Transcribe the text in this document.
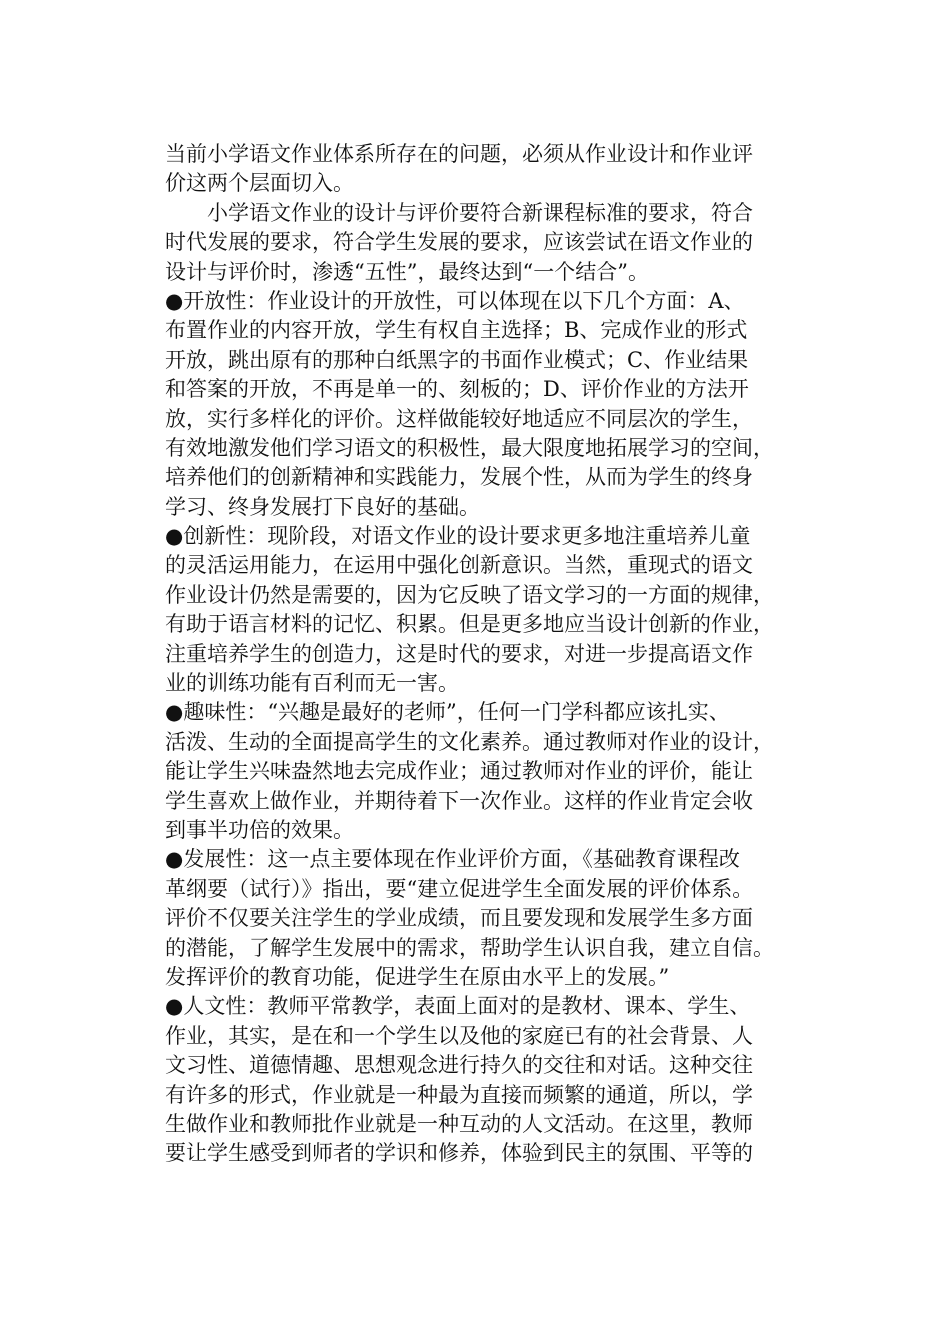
当前小学语文作业体系所存在的问题，必须从作业设计和作业评
价这两个层面切入。
　　小学语文作业的设计与评价要符合新课程标准的要求，符合
时代发展的要求，符合学生发展的要求，应该尝试在语文作业的
设计与评价时，渗透“五性”，最终达到“一个结合”。
●开放性：作业设计的开放性，可以体现在以下几个方面：A、
布置作业的内容开放，学生有权自主选择；B、完成作业的形式
开放，跳出原有的那种白纸黑字的书面作业模式；C、作业结果
和答案的开放，不再是单一的、刻板的；D、评价作业的方法开
放，实行多样化的评价。这样做能较好地适应不同层次的学生，
有效地激发他们学习语文的积极性，最大限度地拓展学习的空间，
培养他们的创新精神和实践能力，发展个性，从而为学生的终身
学习、终身发展打下良好的基础。
●创新性：现阶段，对语文作业的设计要求更多地注重培养儿童
的灵活运用能力，在运用中强化创新意识。当然，重现式的语文
作业设计仍然是需要的，因为它反映了语文学习的一方面的规律，
有助于语言材料的记忆、积累。但是更多地应当设计创新的作业，
注重培养学生的创造力，这是时代的要求，对进一步提高语文作
业的训练功能有百利而无一害。
●趣味性：“兴趣是最好的老师”，任何一门学科都应该扎实、
活泼、生动的全面提高学生的文化素养。通过教师对作业的设计，
能让学生兴味盎然地去完成作业；通过教师对作业的评价，能让
学生喜欢上做作业，并期待着下一次作业。这样的作业肯定会收
到事半功倍的效果。
●发展性：这一点主要体现在作业评价方面，《基础教育课程改
革纲要（试行）》指出，要“建立促进学生全面发展的评价体系。
评价不仅要关注学生的学业成绩，而且要发现和发展学生多方面
的潜能，了解学生发展中的需求，帮助学生认识自我，建立自信。
发挥评价的教育功能，促进学生在原由水平上的发展。”
●人文性：教师平常教学，表面上面对的是教材、课本、学生、
作业，其实，是在和一个学生以及他的家庭已有的社会背景、人
文习性、道德情趣、思想观念进行持久的交往和对话。这种交往
有许多的形式，作业就是一种最为直接而频繁的通道，所以，学
生做作业和教师批作业就是一种互动的人文活动。在这里，教师
要让学生感受到师者的学识和修养，体验到民主的氛围、平等的
